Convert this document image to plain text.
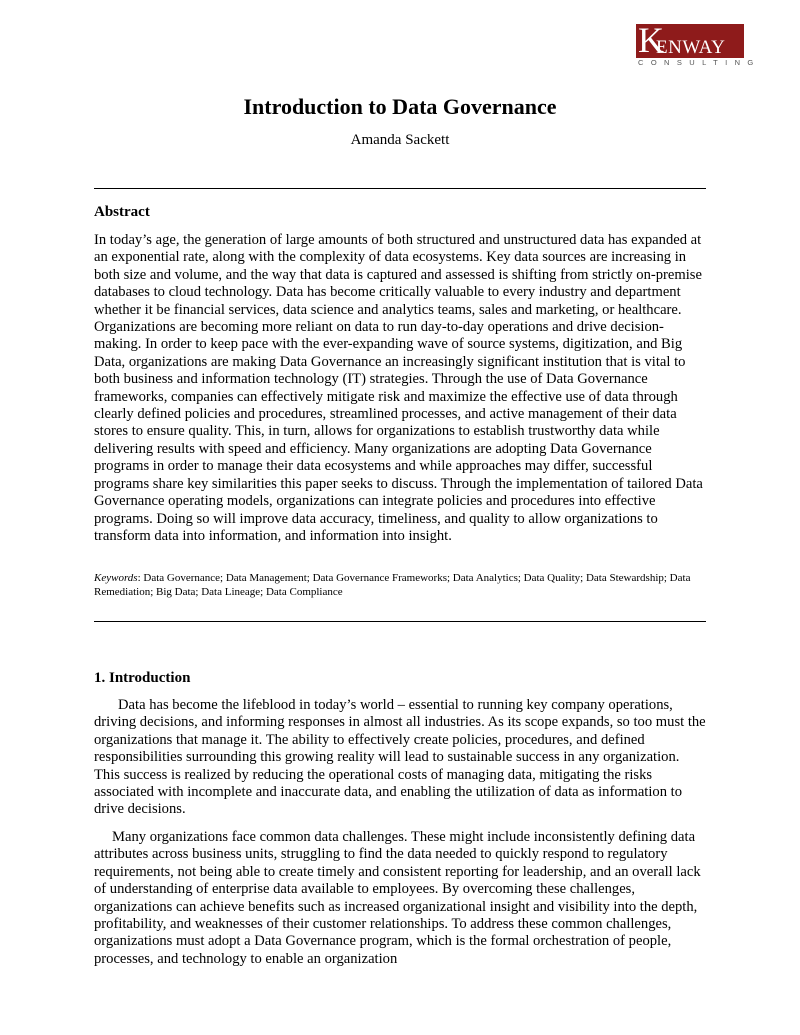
K
ENWAY
CONSULTING
Introduction to Data Governance
Amanda Sackett
Abstract

In today’s age, the generation of large amounts of both structured and unstructured data has expanded at an exponential rate, along with the complexity of data ecosystems. Key data sources are increasing in both size and volume, and the way that data is captured and assessed is shifting from strictly on-premise databases to cloud technology. Data has become critically valuable to every industry and department whether it be financial services, data science and analytics teams, sales and marketing, or healthcare. Organizations are becoming more reliant on data to run day-to-day operations and drive decision-making. In order to keep pace with the ever-expanding wave of source systems, digitization, and Big Data, organizations are making Data Governance an increasingly significant institution that is vital to both business and information technology (IT) strategies. Through the use of Data Governance frameworks, companies can effectively mitigate risk and maximize the effective use of data through clearly defined policies and procedures, streamlined processes, and active management of their data stores to ensure quality. This, in turn, allows for organizations to establish trustworthy data while delivering results with speed and efficiency. Many organizations are adopting Data Governance programs in order to manage their data ecosystems and while approaches may differ, successful programs share key similarities this paper seeks to discuss. Through the implementation of tailored Data Governance operating models, organizations can integrate policies and procedures into effective programs. Doing so will improve data accuracy, timeliness, and quality to allow organizations to transform data into information, and information into insight.

Keywords: Data Governance; Data Management; Data Governance Frameworks; Data Analytics; Data Quality; Data Stewardship; Data Remediation; Big Data; Data Lineage; Data Compliance

1. Introduction

Data has become the lifeblood in today’s world – essential to running key company operations, driving decisions, and informing responses in almost all industries. As its scope expands, so too must the organizations that manage it. The ability to effectively create policies, procedures, and defined responsibilities surrounding this growing reality will lead to sustainable success in any organization. This success is realized by reducing the operational costs of managing data, mitigating the risks associated with incomplete and inaccurate data, and enabling the utilization of data as information to drive decisions.

Many organizations face common data challenges. These might include inconsistently defining data attributes across business units, struggling to find the data needed to quickly respond to regulatory requirements, not being able to create timely and consistent reporting for leadership, and an overall lack of understanding of enterprise data available to employees. By overcoming these challenges, organizations can achieve benefits such as increased organizational insight and visibility into the depth, profitability, and weaknesses of their customer relationships. To address these common challenges, organizations must adopt a Data Governance program, which is the formal orchestration of people, processes, and technology to enable an organization
